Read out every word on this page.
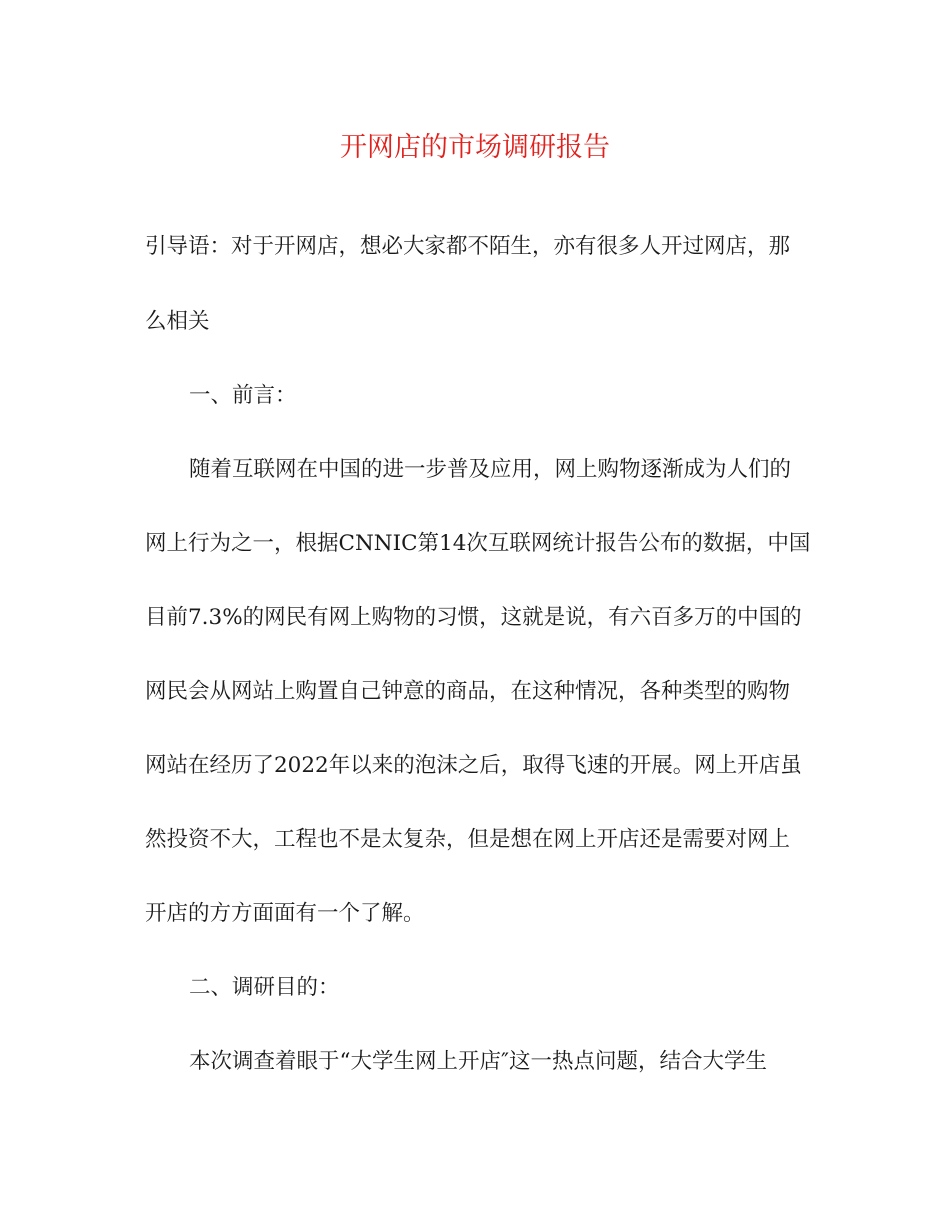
开网店的市场调研报告

引导语：对于开网店，想必大家都不陌生，亦有很多人开过网店，那

么相关

一、前言：

随着互联网在中国的进一步普及应用，网上购物逐渐成为人们的

网上行为之一，根据CNNIC第14次互联网统计报告公布的数据，中国

目前7.3%的网民有网上购物的习惯，这就是说，有六百多万的中国的

网民会从网站上购置自己钟意的商品，在这种情况，各种类型的购物

网站在经历了2022年以来的泡沫之后，取得飞速的开展。网上开店虽

然投资不大，工程也不是太复杂，但是想在网上开店还是需要对网上

开店的方方面面有一个了解。

二、调研目的：

本次调查着眼于“大学生网上开店″这一热点问题，结合大学生
